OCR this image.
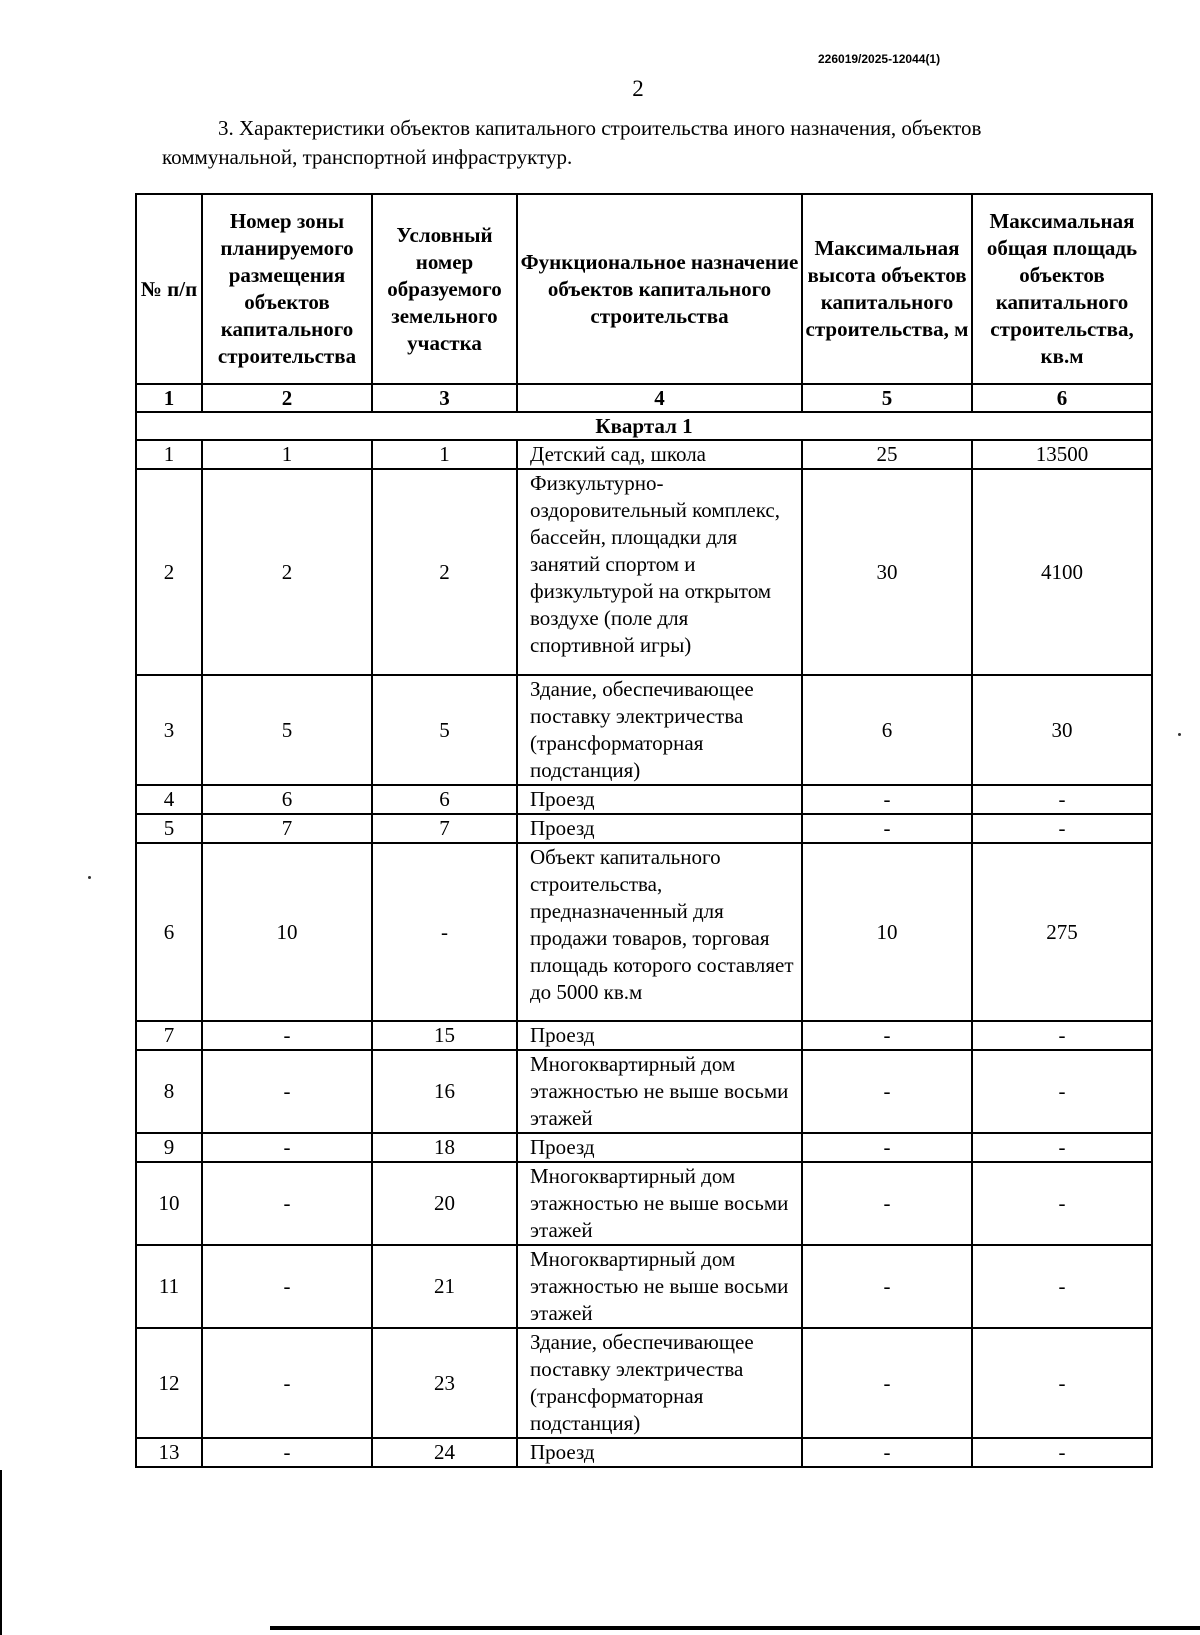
226019/2025-12044(1)
2

3. Характеристики объектов капитального строительства иного назначения, объектов коммунальной, транспортной инфраструктур.

№ п/п	Номер зоны планируемого размещения объектов капитального строительства	Условный номер образуемого земельного участка	Функциональное назначение объектов капитального строительства	Максимальная высота объектов капитального строительства, м	Максимальная общая площадь объектов капитального строительства, кв.м
1	2	3	4	5	6
Квартал 1					
1	1	1	Детский сад, школа	25	13500
2	2	2	Физкультурно-оздоровительный комплекс, бассейн, площадки для занятий спортом и физкультурой на открытом воздухе (поле для спортивной игры)	30	4100
3	5	5	Здание, обеспечивающее поставку электричества (трансформаторная подстанция)	6	30
4	6	6	Проезд	-	-
5	7	7	Проезд	-	-
6	10	-	Объект капитального строительства, предназначенный для продажи товаров, торговая площадь которого составляет до 5000 кв.м	10	275
7	-	15	Проезд	-	-
8	-	16	Многоквартирный дом этажностью не выше восьми этажей	-	-
9	-	18	Проезд	-	-
10	-	20	Многоквартирный дом этажностью не выше восьми этажей	-	-
11	-	21	Многоквартирный дом этажностью не выше восьми этажей	-	-
12	-	23	Здание, обеспечивающее поставку электричества (трансформаторная подстанция)	-	-
13	-	24	Проезд	-	-
